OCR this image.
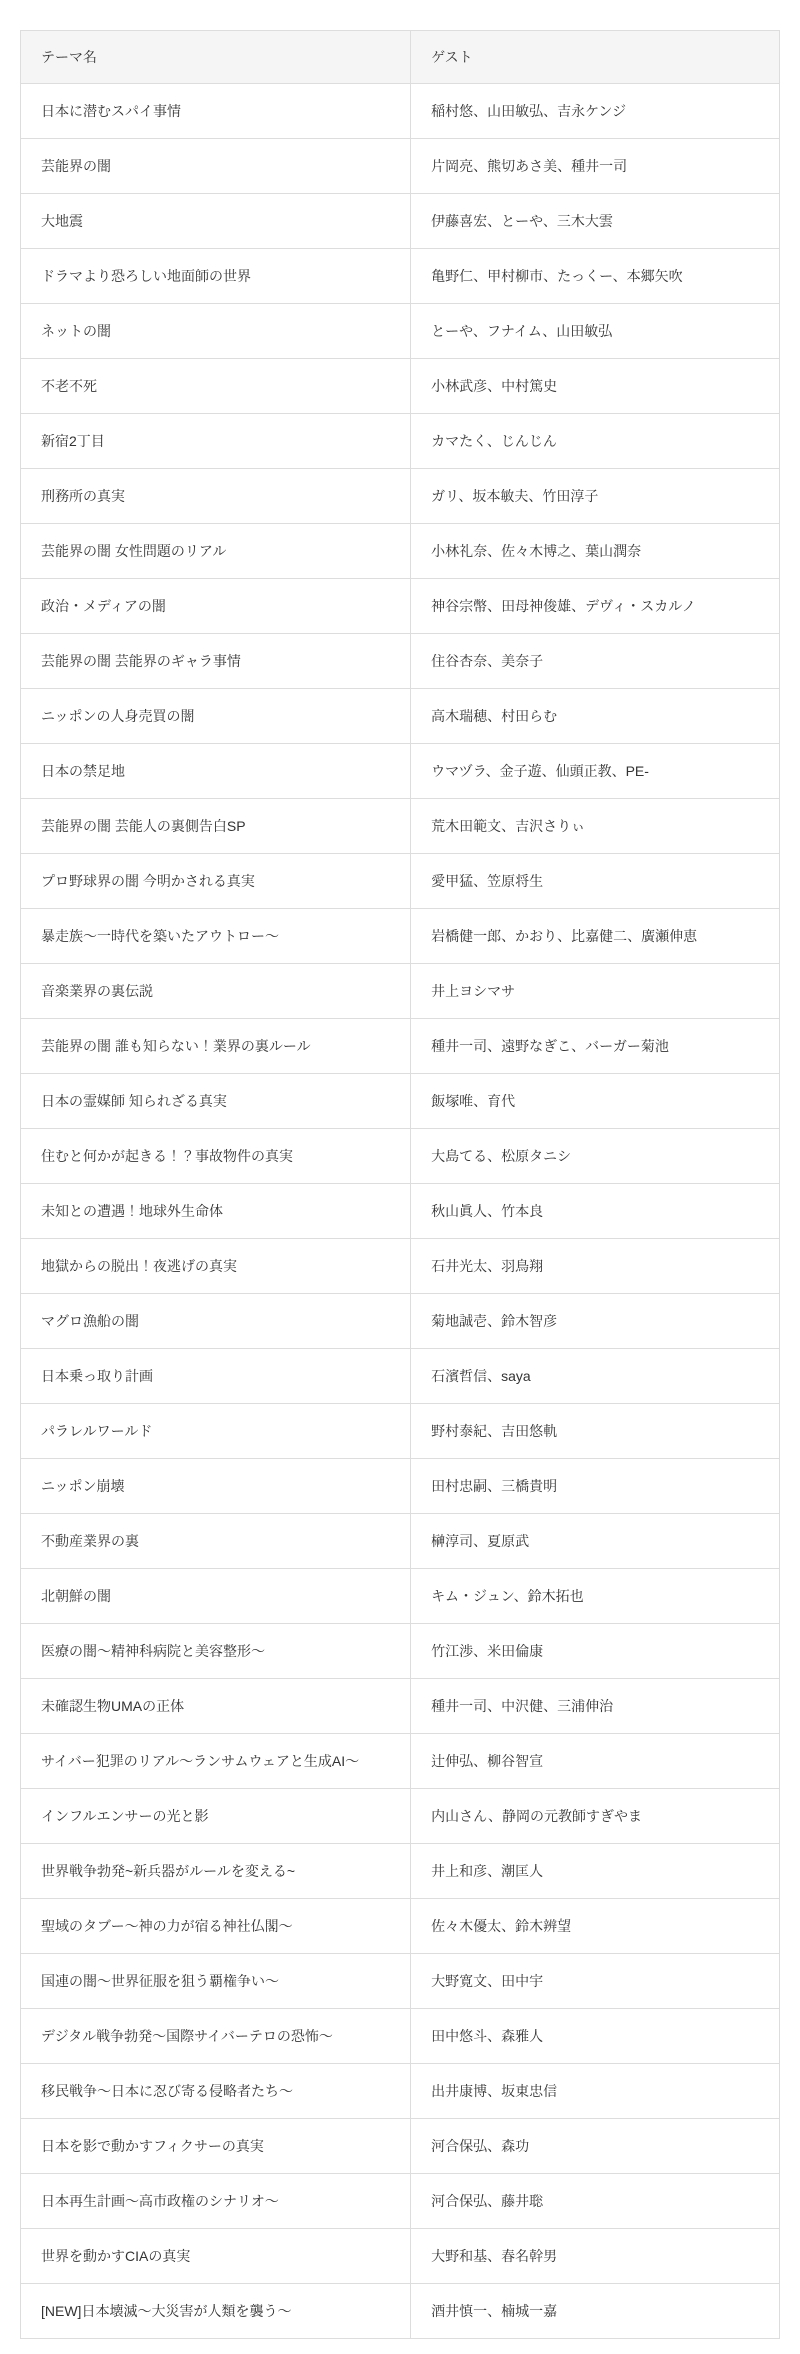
テーマ名	ゲスト
日本に潜むスパイ事情	稲村悠、山田敏弘、吉永ケンジ
芸能界の闇	片岡亮、熊切あさ美、種井一司
大地震	伊藤喜宏、とーや、三木大雲
ドラマより恐ろしい地面師の世界	亀野仁、甲村柳市、たっくー、本郷矢吹
ネットの闇	とーや、フナイム、山田敏弘
不老不死	小林武彦、中村篤史
新宿2丁目	カマたく、じんじん
刑務所の真実	ガリ、坂本敏夫、竹田淳子
芸能界の闇 女性問題のリアル	小林礼奈、佐々木博之、葉山潤奈
政治・メディアの闇	神谷宗幣、田母神俊雄、デヴィ・スカルノ
芸能界の闇 芸能界のギャラ事情	住谷杏奈、美奈子
ニッポンの人身売買の闇	高木瑞穂、村田らむ
日本の禁足地	ウマヅラ、金子遊、仙頭正教、PE-
芸能界の闇 芸能人の裏側告白SP	荒木田範文、吉沢さりぃ
プロ野球界の闇 今明かされる真実	愛甲猛、笠原将生
暴走族～一時代を築いたアウトロー～	岩橋健一郎、かおり、比嘉健二、廣瀬伸恵
音楽業界の裏伝説	井上ヨシマサ
芸能界の闇 誰も知らない！業界の裏ルール	種井一司、遠野なぎこ、バーガー菊池
日本の霊媒師 知られざる真実	飯塚唯、育代
住むと何かが起きる！？事故物件の真実	大島てる、松原タニシ
未知との遭遇！地球外生命体	秋山眞人、竹本良
地獄からの脱出！夜逃げの真実	石井光太、羽鳥翔
マグロ漁船の闇	菊地誠壱、鈴木智彦
日本乗っ取り計画	石濱哲信、saya
パラレルワールド	野村泰紀、吉田悠軌
ニッポン崩壊	田村忠嗣、三橋貴明
不動産業界の裏	榊淳司、夏原武
北朝鮮の闇	キム・ジュン、鈴木拓也
医療の闇～精神科病院と美容整形～	竹江渉、米田倫康
未確認生物UMAの正体	種井一司、中沢健、三浦伸治
サイバー犯罪のリアル～ランサムウェアと生成AI～	辻伸弘、柳谷智宣
インフルエンサーの光と影	内山さん、静岡の元教師すぎやま
世界戦争勃発~新兵器がルールを変える~	井上和彦、潮匡人
聖域のタブー～神の力が宿る神社仏閣～	佐々木優太、鈴木辨望
国連の闇～世界征服を狙う覇権争い～	大野寛文、田中宇
デジタル戦争勃発～国際サイバーテロの恐怖～	田中悠斗、森雅人
移民戦争～日本に忍び寄る侵略者たち～	出井康博、坂東忠信
日本を影で動かすフィクサーの真実	河合保弘、森功
日本再生計画～高市政権のシナリオ～	河合保弘、藤井聡
世界を動かすCIAの真実	大野和基、春名幹男
[NEW]日本壊滅～大災害が人類を襲う～	酒井慎一、楠城一嘉
